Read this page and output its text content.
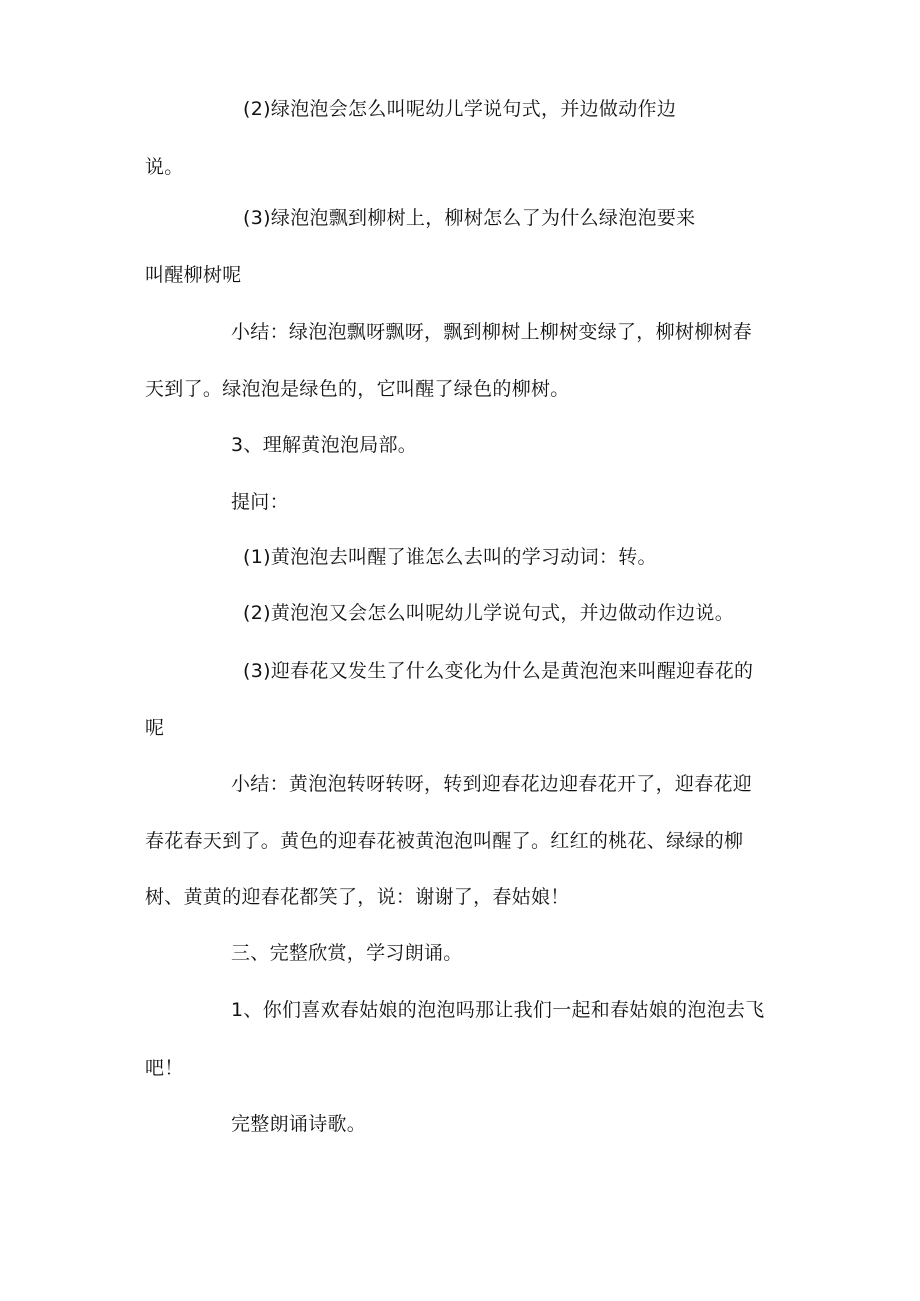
(2)绿泡泡会怎么叫呢幼儿学说句式，并边做动作边
说。
(3)绿泡泡飘到柳树上，柳树怎么了为什么绿泡泡要来
叫醒柳树呢
小结：绿泡泡飘呀飘呀，飘到柳树上柳树变绿了，柳树柳树春
天到了。绿泡泡是绿色的，它叫醒了绿色的柳树。
3、理解黄泡泡局部。
提问：
(1)黄泡泡去叫醒了谁怎么去叫的学习动词：转。
(2)黄泡泡又会怎么叫呢幼儿学说句式，并边做动作边说。
(3)迎春花又发生了什么变化为什么是黄泡泡来叫醒迎春花的
呢
小结：黄泡泡转呀转呀，转到迎春花边迎春花开了，迎春花迎
春花春天到了。黄色的迎春花被黄泡泡叫醒了。红红的桃花、绿绿的柳
树、黄黄的迎春花都笑了，说：谢谢了，春姑娘！
三、完整欣赏，学习朗诵。
1、你们喜欢春姑娘的泡泡吗那让我们一起和春姑娘的泡泡去飞
吧！
完整朗诵诗歌。
